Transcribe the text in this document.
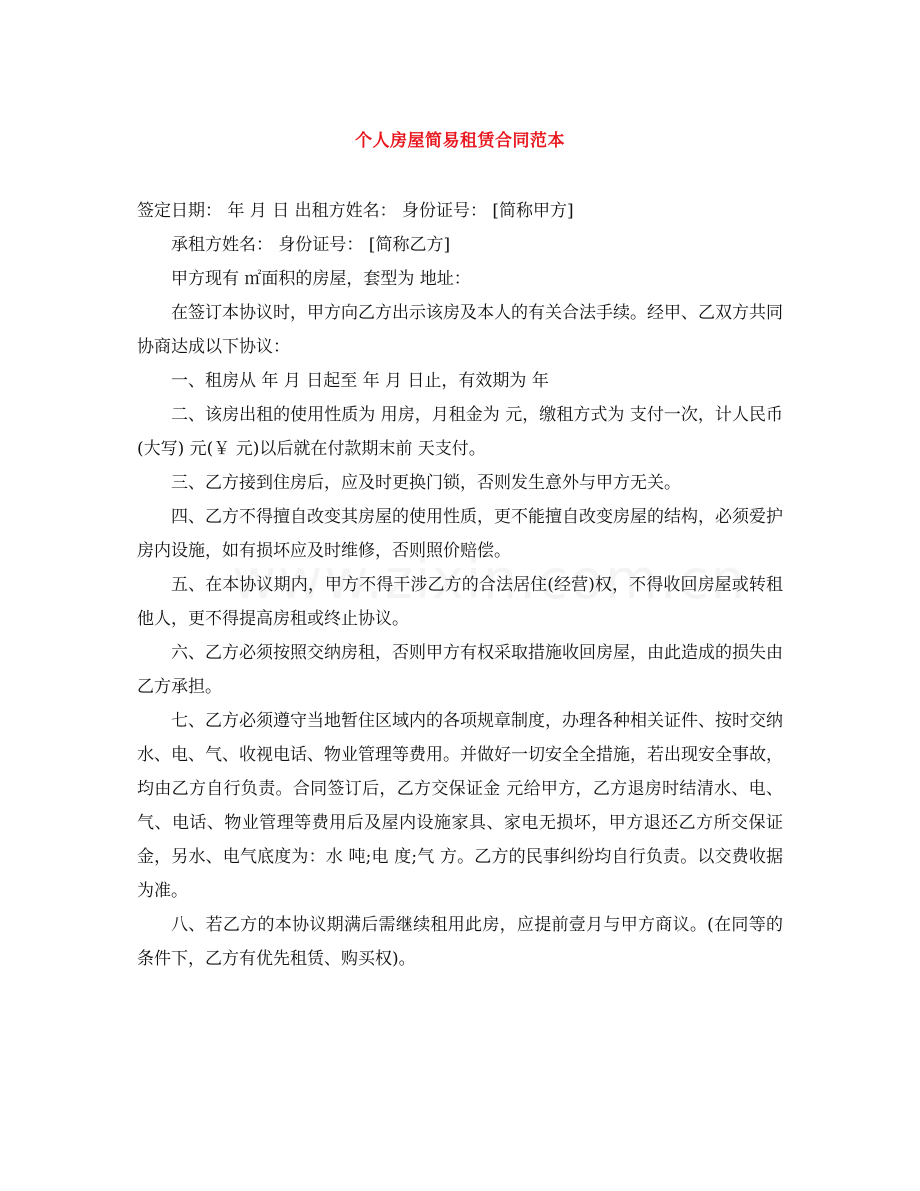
个人房屋简易租赁合同范本

签定日期： 年 月 日 出租方姓名： 身份证号： [简称甲方]

承租方姓名： 身份证号： [简称乙方]

甲方现有 ㎡面积的房屋，套型为 地址：

在签订本协议时，甲方向乙方出示该房及本人的有关合法手续。经甲、乙双方共同协商达成以下协议：

一、租房从 年 月 日起至 年 月 日止，有效期为 年

二、该房出租的使用性质为 用房，月租金为 元，缴租方式为 支付一次，计人民币(大写) 元(￥ 元)以后就在付款期末前 天支付。

三、乙方接到住房后，应及时更换门锁，否则发生意外与甲方无关。

四、乙方不得擅自改变其房屋的使用性质，更不能擅自改变房屋的结构，必须爱护房内设施，如有损坏应及时维修，否则照价赔偿。

五、在本协议期内，甲方不得干涉乙方的合法居住(经营)权，不得收回房屋或转租他人，更不得提高房租或终止协议。

六、乙方必须按照交纳房租，否则甲方有权采取措施收回房屋，由此造成的损失由乙方承担。

七、乙方必须遵守当地暂住区域内的各项规章制度，办理各种相关证件、按时交纳水、电、气、收视电话、物业管理等费用。并做好一切安全全措施，若出现安全事故，均由乙方自行负责。合同签订后，乙方交保证金 元给甲方，乙方退房时结清水、电、气、电话、物业管理等费用后及屋内设施家具、家电无损坏，甲方退还乙方所交保证金，另水、电气底度为：水 吨;电 度;气 方。乙方的民事纠纷均自行负责。以交费收据为准。

八、若乙方的本协议期满后需继续租用此房，应提前壹月与甲方商议。(在同等的条件下，乙方有优先租赁、购买权)。
